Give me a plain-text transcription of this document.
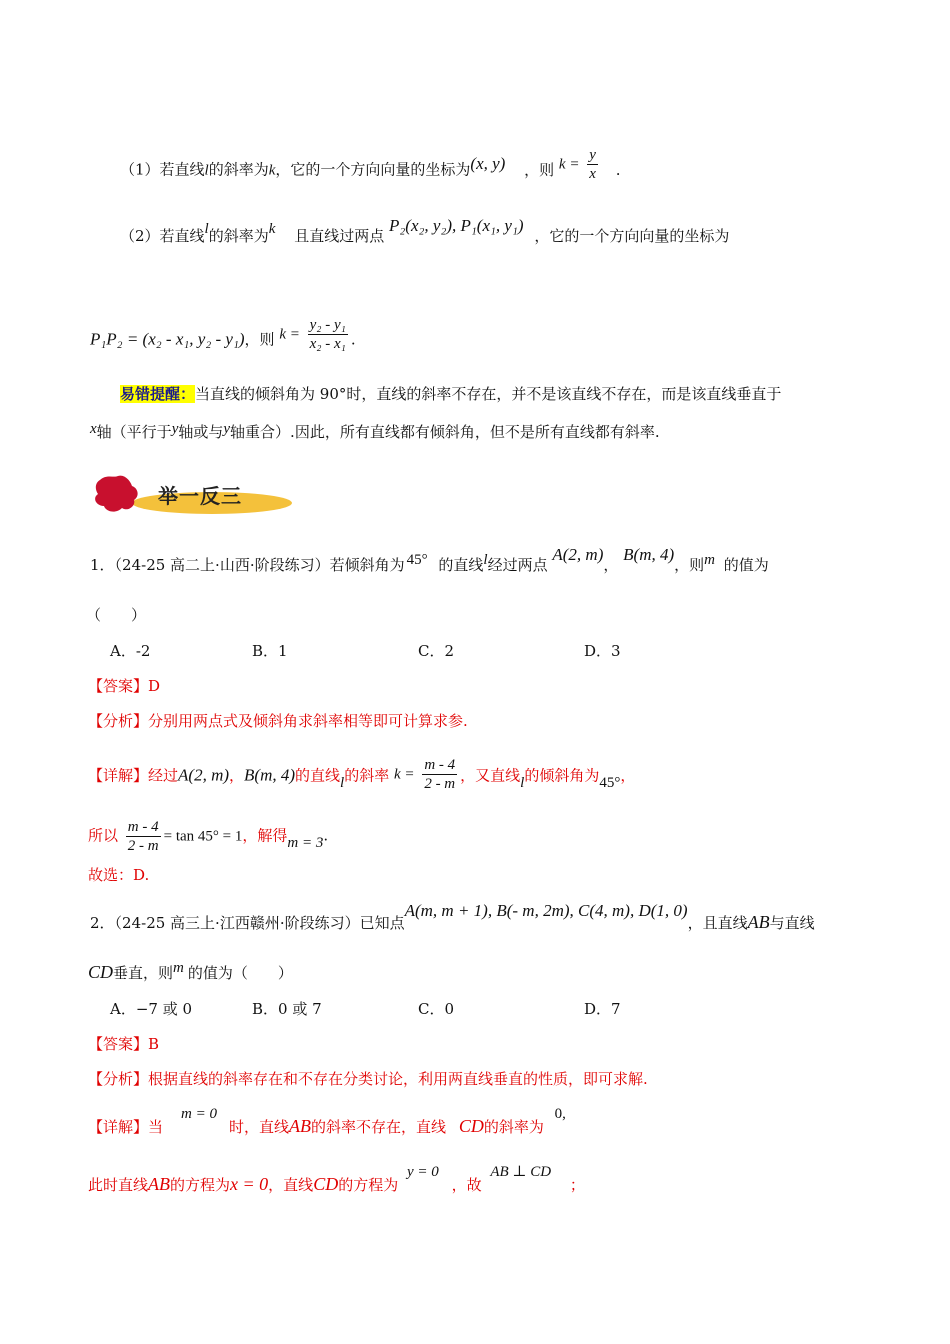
（1）若直线l的斜率为k，它的一个方向向量的坐标为(x, y) ，则 $k = \frac{y}{x}$ .
（2）若直线l的斜率为k 且直线过两点 P₂(x₂, y₂), P₁(x₁, y₁) ，它的一个方向向量的坐标为
P₁P₂ = (x₂ - x₁, y₂ - y₁)，则 $k = \frac{\text{y₂ - y₁}}{\text{x₂ - x₁}}$ .
易错提醒：当直线的倾斜角为 90°时，直线的斜率不存在，并不是该直线不存在，而是该直线垂直于
x轴（平行于y轴或与y轴重合）.因此，所有直线都有倾斜角，但不是所有直线都有斜率.
举一反三
1．（24-25 高二上·山西·阶段练习）若倾斜角为 45° 的直线l经过两点 A(2, m)， B(m, 4)，则m 的值为
（　　）
A．-2	B．1	C．2	D．3
【答案】D
【分析】分别用两点式及倾斜角求斜率相等即可计算求参.
【详解】经过A(2, m)，B(m, 4)的直线l的斜率 $k = \frac{m - 4}{2 - m}$ ，又直线l的倾斜角为45°，
所以 $\frac{m - 4}{2 - m} = \tan 45^\circ = 1$，解得m = 3.
故选：D.
2．（24-25 高三上·江西赣州·阶段练习）已知点A(m, m + 1), B(- m, 2m), C(4, m), D(1, 0)，且直线AB与直线
CD垂直，则m 的值为（　　）
A．−7 或 0	B．0 或 7	C．0	D．7
【答案】B
【分析】根据直线的斜率存在和不存在分类讨论，利用两直线垂直的性质，即可求解.
【详解】当m = 0时，直线AB的斜率不存在，直线 CD的斜率为 0,
此时直线AB的方程为x = 0，直线CD的方程为 y = 0 ，故 AB ⊥ CD ；
